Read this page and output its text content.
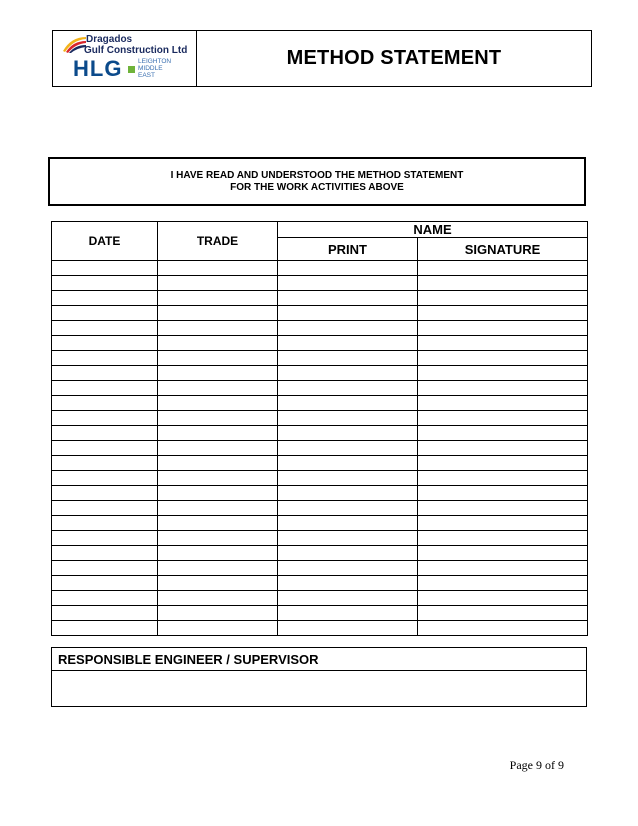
Dragados
Gulf Construction Ltd
HLG LEIGHTON
MIDDLE
EAST
METHOD STATEMENT
I HAVE READ AND UNDERSTOOD THE METHOD STATEMENT
FOR THE WORK ACTIVITIES ABOVE
DATE	TRADE	NAME	
		PRINT	SIGNATURE

RESPONSIBLE ENGINEER / SUPERVISOR
Page 9 of 9
